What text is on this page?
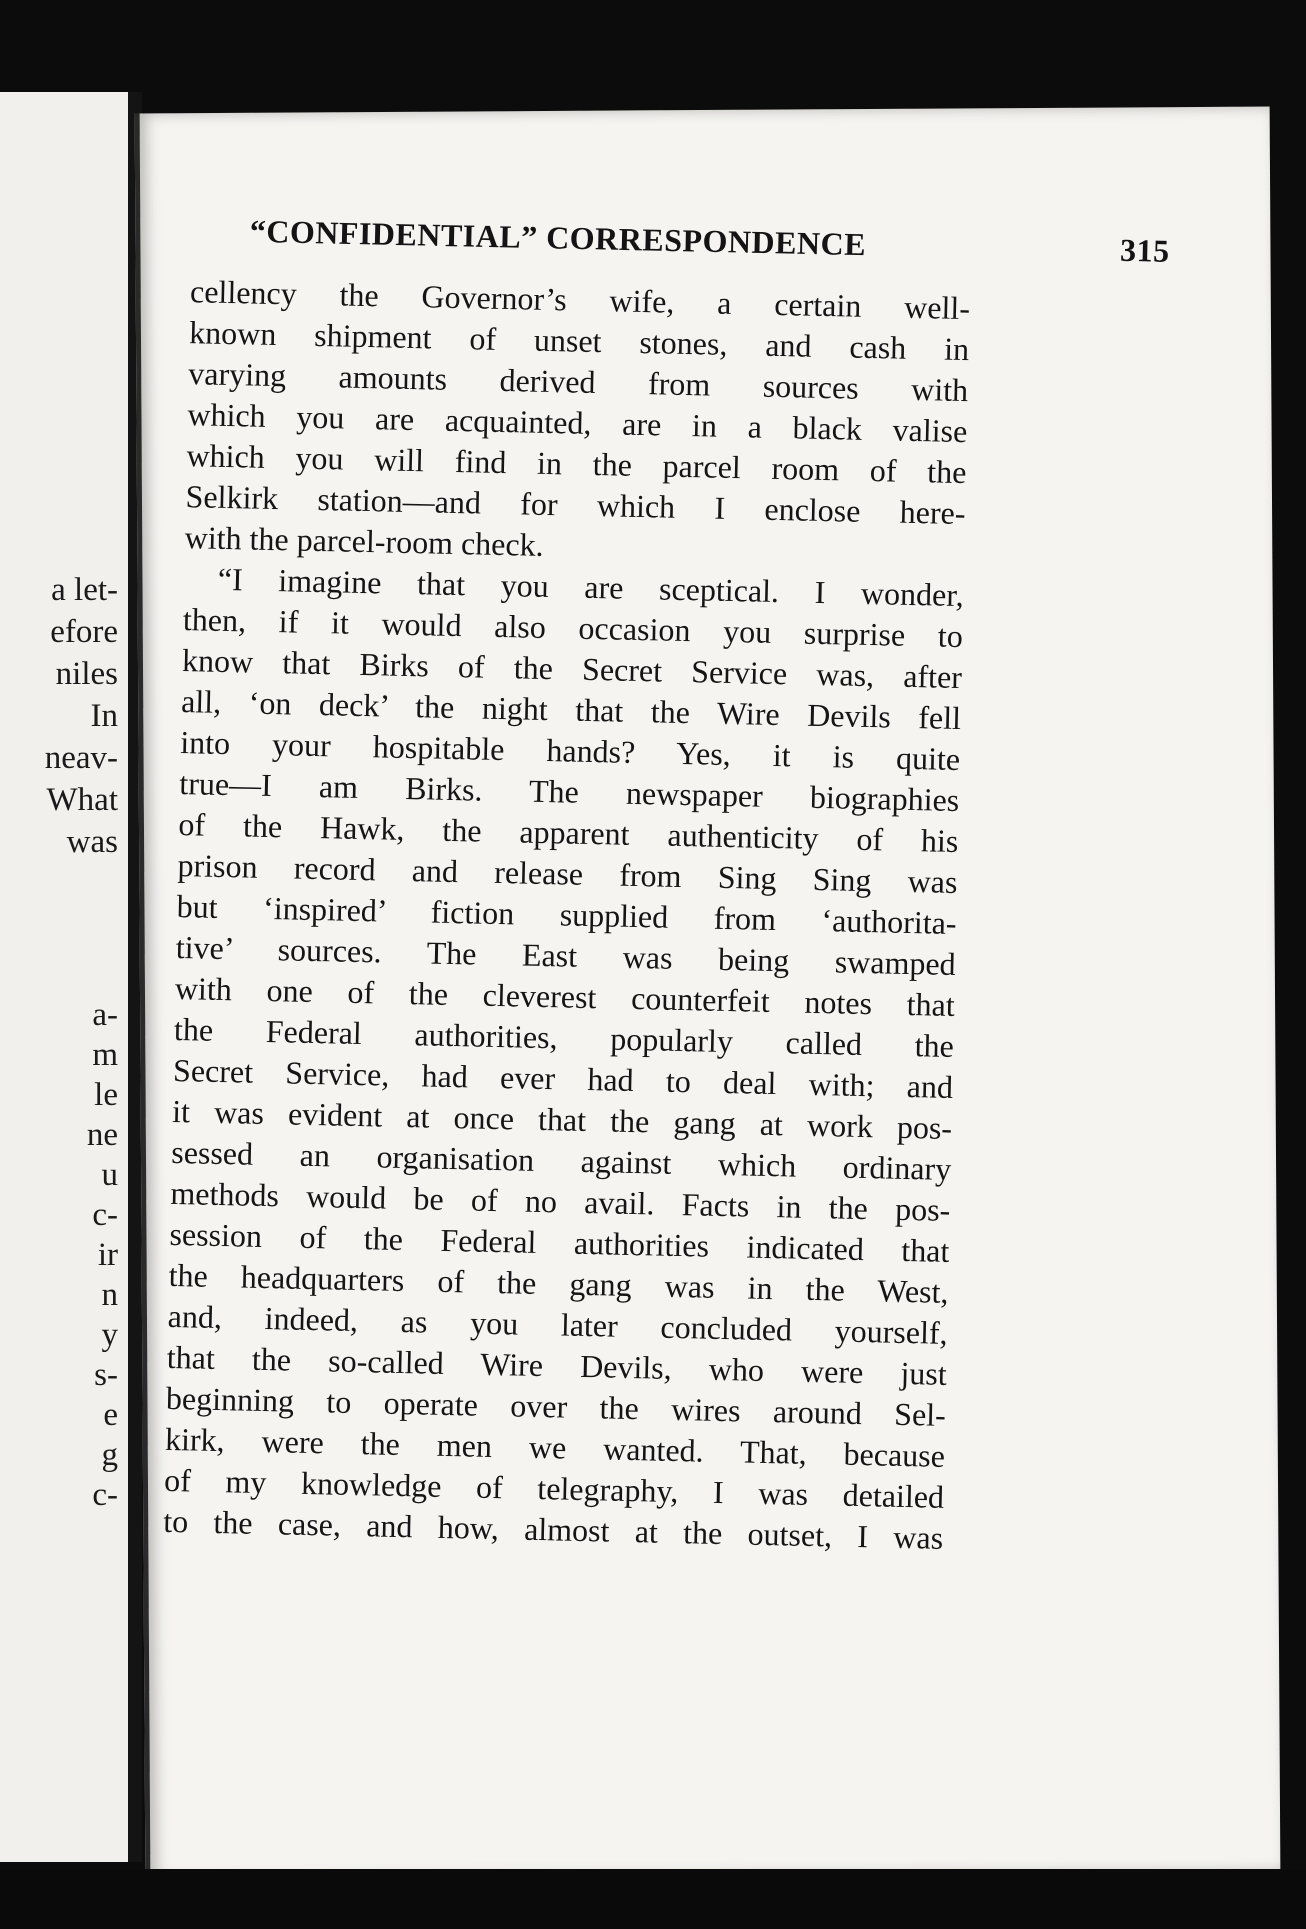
a let-
efore
niles
In
neav-
What
was
a-
m
le
ne
u
c-
ir
n
y
s-
e
g
c-
“CONFIDENTIAL” CORRESPONDENCE	315
cellency the Governor’s wife, a certain well-
known shipment of unset stones, and cash in
varying amounts derived from sources with
which you are acquainted, are in a black valise
which you will find in the parcel room of the
Selkirk station—and for which I enclose here-
with the parcel-room check.
“I imagine that you are sceptical. I wonder,
then, if it would also occasion you surprise to
know that Birks of the Secret Service was, after
all, ‘on deck’ the night that the Wire Devils fell
into your hospitable hands? Yes, it is quite
true—I am Birks. The newspaper biographies
of the Hawk, the apparent authenticity of his
prison record and release from Sing Sing was
but ‘inspired’ fiction supplied from ‘authorita-
tive’ sources. The East was being swamped
with one of the cleverest counterfeit notes that
the Federal authorities, popularly called the
Secret Service, had ever had to deal with; and
it was evident at once that the gang at work pos-
sessed an organisation against which ordinary
methods would be of no avail. Facts in the pos-
session of the Federal authorities indicated that
the headquarters of the gang was in the West,
and, indeed, as you later concluded yourself,
that the so-called Wire Devils, who were just
beginning to operate over the wires around Sel-
kirk, were the men we wanted. That, because
of my knowledge of telegraphy, I was detailed
to the case, and how, almost at the outset, I was
